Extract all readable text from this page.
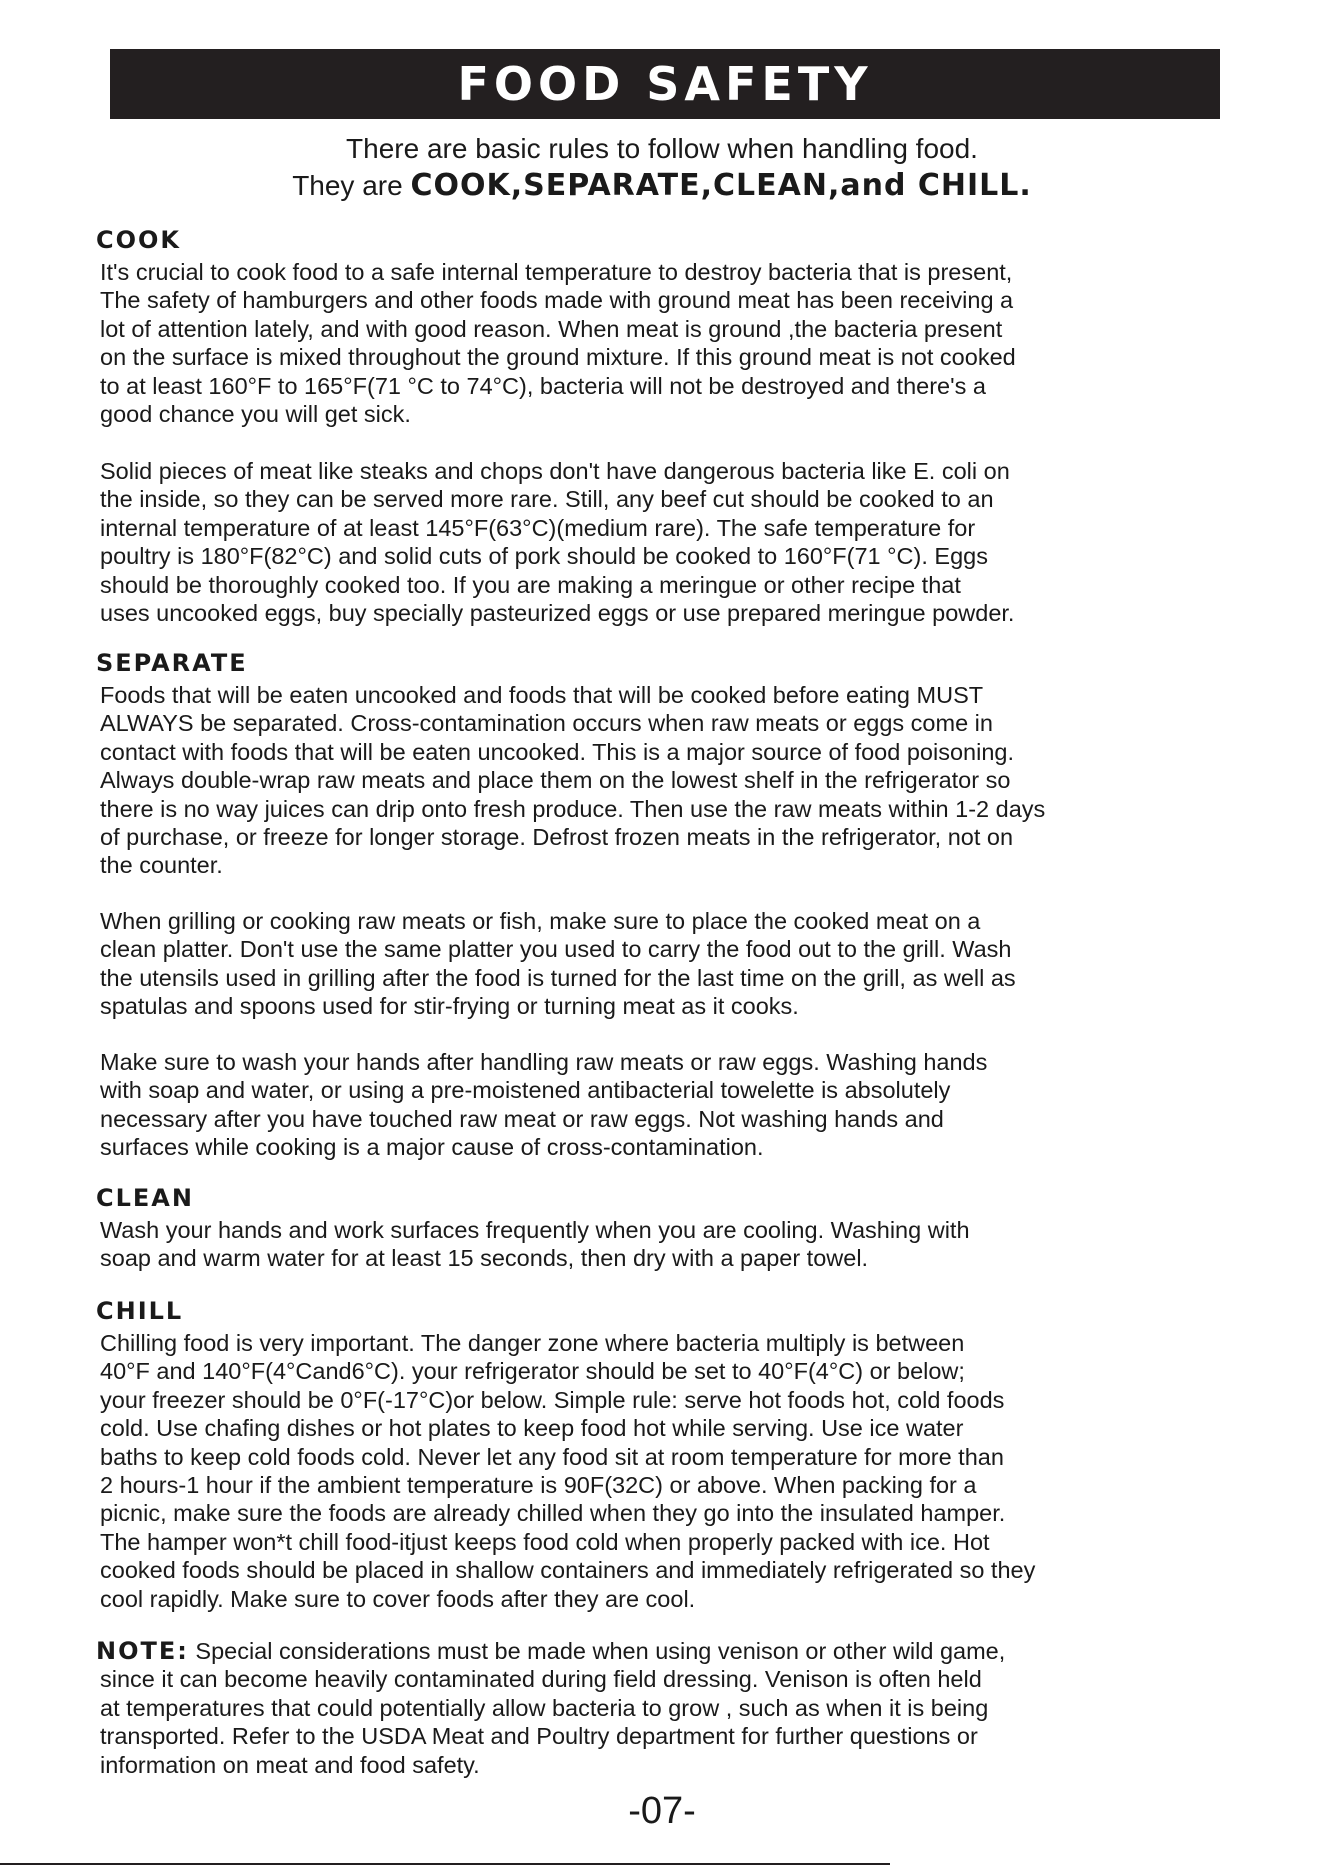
FOOD SAFETY
There are basic rules to follow when handling food.
They are COOK,SEPARATE,CLEAN,and CHILL.
COOK
It's crucial to cook food to a safe internal temperature to destroy bacteria that is present,
The safety of hamburgers and other foods made with ground meat has been receiving a
lot of attention lately, and with good reason. When meat is ground ,the bacteria present
on the surface is mixed throughout the ground mixture. If this ground meat is not cooked
to at least 160°F to 165°F(71 °C to 74°C), bacteria will not be destroyed and there's a
good chance you will get sick.
Solid pieces of meat like steaks and chops don't have dangerous bacteria like E. coli on
the inside, so they can be served more rare. Still, any beef cut should be cooked to an
internal temperature of at least 145°F(63°C)(medium rare). The safe temperature for
poultry is 180°F(82°C) and solid cuts of pork should be cooked to 160°F(71 °C). Eggs
should be thoroughly cooked too. If you are making a meringue or other recipe that
uses uncooked eggs, buy specially pasteurized eggs or use prepared meringue powder.
SEPARATE
Foods that will be eaten uncooked and foods that will be cooked before eating MUST
ALWAYS be separated. Cross-contamination occurs when raw meats or eggs come in
contact with foods that will be eaten uncooked. This is a major source of food poisoning.
Always double-wrap raw meats and place them on the lowest shelf in the refrigerator so
there is no way juices can drip onto fresh produce. Then use the raw meats within 1-2 days
of purchase, or freeze for longer storage. Defrost frozen meats in the refrigerator, not on
the counter.
When grilling or cooking raw meats or fish, make sure to place the cooked meat on a
clean platter. Don't use the same platter you used to carry the food out to the grill. Wash
the utensils used in grilling after the food is turned for the last time on the grill, as well as
spatulas and spoons used for stir-frying or turning meat as it cooks.
Make sure to wash your hands after handling raw meats or raw eggs. Washing hands
with soap and water, or using a pre-moistened antibacterial towelette is absolutely
necessary after you have touched raw meat or raw eggs. Not washing hands and
surfaces while cooking is a major cause of cross-contamination.
CLEAN
Wash your hands and work surfaces frequently when you are cooling. Washing with
soap and warm water for at least 15 seconds, then dry with a paper towel.
CHILL
Chilling food is very important. The danger zone where bacteria multiply is between
40°F and 140°F(4°Cand6°C). your refrigerator should be set to 40°F(4°C) or below;
your freezer should be 0°F(-17°C)or below. Simple rule: serve hot foods hot, cold foods
cold. Use chafing dishes or hot plates to keep food hot while serving. Use ice water
baths to keep cold foods cold. Never let any food sit at room temperature for more than
2 hours-1 hour if the ambient temperature is 90F(32C) or above. When packing for a
picnic, make sure the foods are already chilled when they go into the insulated hamper.
The hamper won*t chill food-itjust keeps food cold when properly packed with ice. Hot
cooked foods should be placed in shallow containers and immediately refrigerated so they
cool rapidly. Make sure to cover foods after they are cool.
NOTE: Special considerations must be made when using venison or other wild game,
since it can become heavily contaminated during field dressing. Venison is often held
at temperatures that could potentially allow bacteria to grow , such as when it is being
transported. Refer to the USDA Meat and Poultry department for further questions or
information on meat and food safety.
-07-
